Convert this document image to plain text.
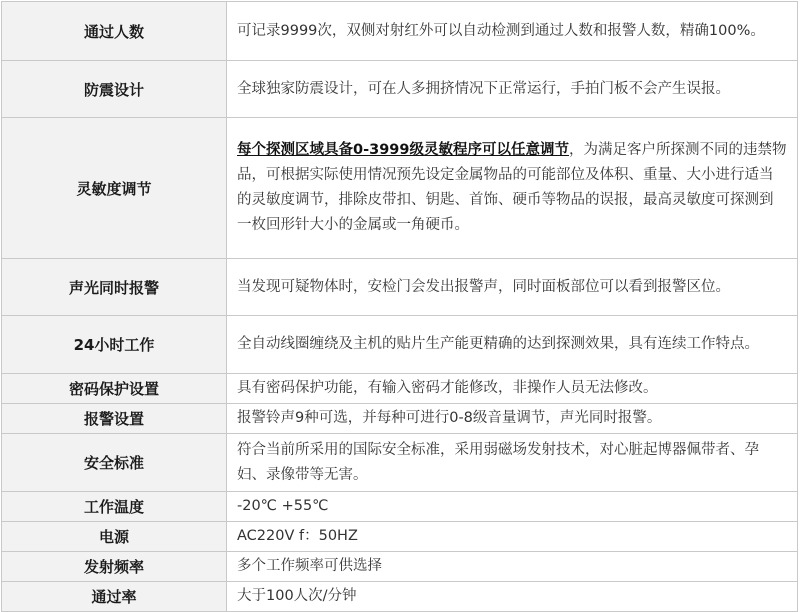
通过人数	可记录9999次，双侧对射红外可以自动检测到通过人数和报警人数，精确100%。
防震设计	全球独家防震设计，可在人多拥挤情况下正常运行，手拍门板不会产生误报。
灵敏度调节	每个探测区域具备0-3999级灵敏程序可以任意调节，为满足客户所探测不同的违禁物品，可根据实际使用情况预先设定金属物品的可能部位及体积、重量、大小进行适当的灵敏度调节，排除皮带扣、钥匙、首饰、硬币等物品的误报，最高灵敏度可探测到一枚回形针大小的金属或一角硬币。
声光同时报警	当发现可疑物体时，安检门会发出报警声，同时面板部位可以看到报警区位。
24小时工作	全自动线圈缠绕及主机的贴片生产能更精确的达到探测效果，具有连续工作特点。
密码保护设置	具有密码保护功能，有输入密码才能修改，非操作人员无法修改。
报警设置	报警铃声9种可选，并每种可进行0-8级音量调节，声光同时报警。
安全标准	符合当前所采用的国际安全标准，采用弱磁场发射技术，对心脏起博器佩带者、孕妇、录像带等无害。
工作温度	-20℃ +55℃
电源	AC220V f：50HZ
发射频率	多个工作频率可供选择
通过率	大于100人次/分钟
